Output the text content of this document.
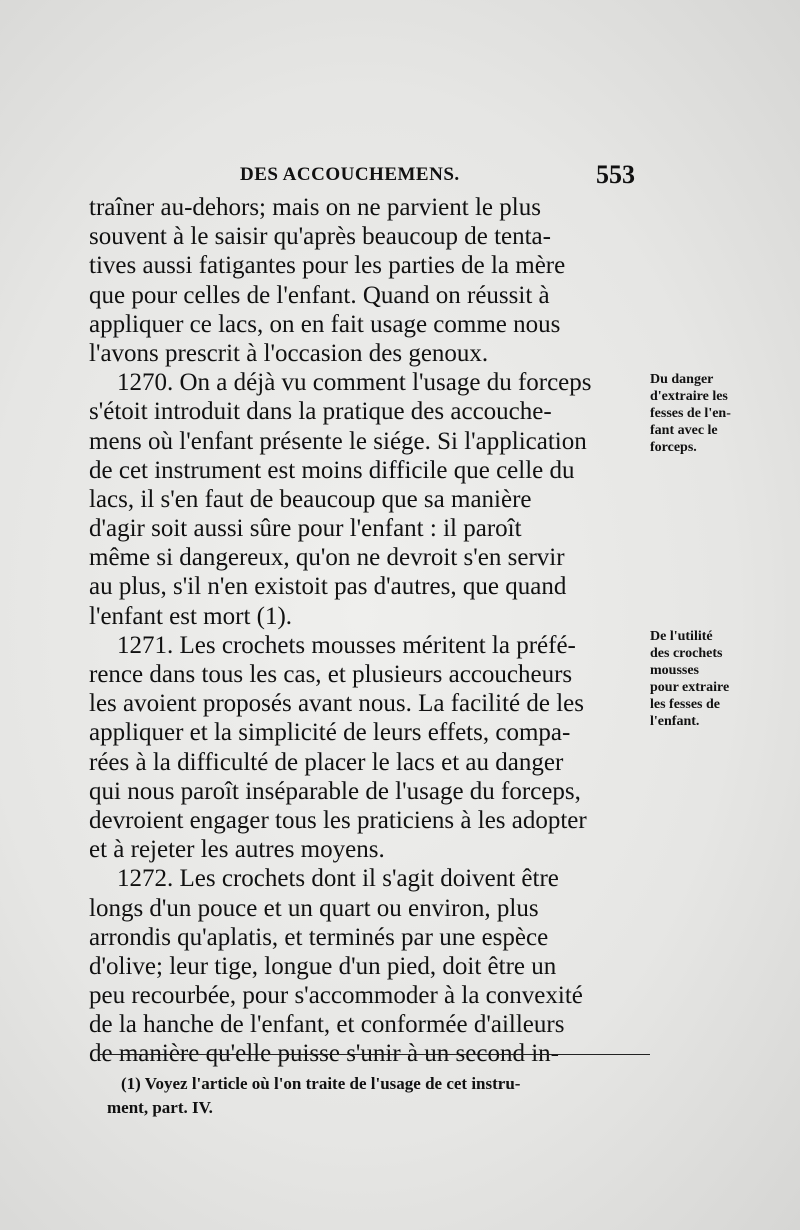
DES ACCOUCHEMENS.	553
traîner au-dehors; mais on ne parvient le plus
souvent à le saisir qu'après beaucoup de tenta-
tives aussi fatigantes pour les parties de la mère
que pour celles de l'enfant. Quand on réussit à
appliquer ce lacs, on en fait usage comme nous
l'avons prescrit à l'occasion des genoux.
1270. On a déjà vu comment l'usage du forceps
s'étoit introduit dans la pratique des accouche-
mens où l'enfant présente le siége. Si l'application
de cet instrument est moins difficile que celle du
lacs, il s'en faut de beaucoup que sa manière
d'agir soit aussi sûre pour l'enfant : il paroît
même si dangereux, qu'on ne devroit s'en servir
au plus, s'il n'en existoit pas d'autres, que quand
l'enfant est mort (1).
1271. Les crochets mousses méritent la préfé-
rence dans tous les cas, et plusieurs accoucheurs
les avoient proposés avant nous. La facilité de les
appliquer et la simplicité de leurs effets, compa-
rées à la difficulté de placer le lacs et au danger
qui nous paroît inséparable de l'usage du forceps,
devroient engager tous les praticiens à les adopter
et à rejeter les autres moyens.
1272. Les crochets dont il s'agit doivent être
longs d'un pouce et un quart ou environ, plus
arrondis qu'aplatis, et terminés par une espèce
d'olive; leur tige, longue d'un pied, doit être un
peu recourbée, pour s'accommoder à la convexité
de la hanche de l'enfant, et conformée d'ailleurs
de manière qu'elle puisse s'unir à un second in-
Du danger
d'extraire les
fesses de l'en-
fant avec le
forceps.
De l'utilité
des crochets
mousses
pour extraire
les fesses de
l'enfant.
(1) Voyez l'article où l'on traite de l'usage de cet instru-
ment, part. IV.
